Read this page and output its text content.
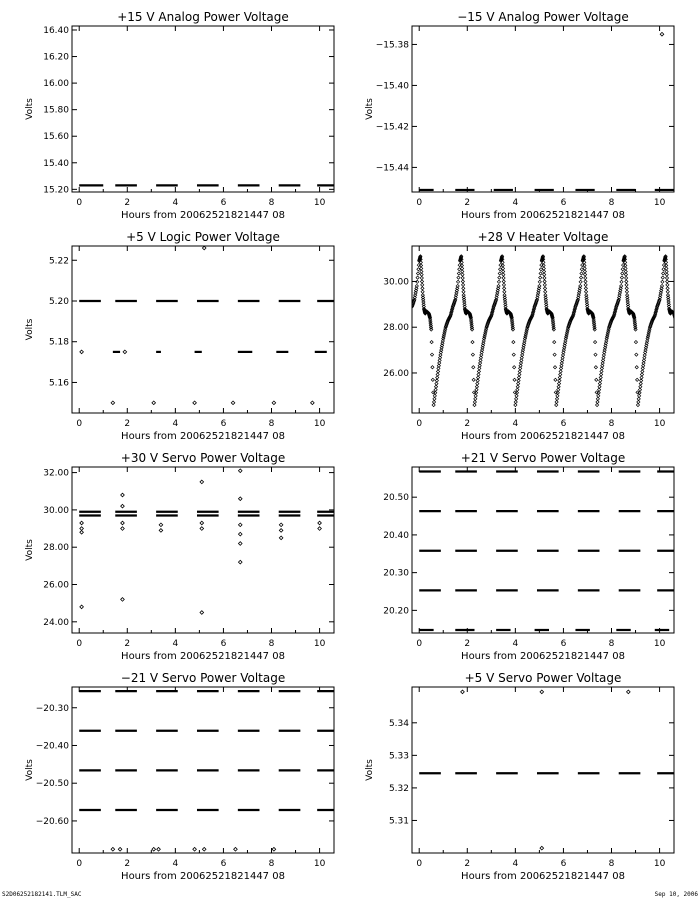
+15 V Analog Power Voltage
0	2	4	6	8	10
15.20
15.40
15.60
15.80
16.00
16.20
16.40
Hours from 20062521821447 08
Volts
−15 V Analog Power Voltage
0	2	4	6	8	10
−15.44
−15.42
−15.40
−15.38
Hours from 20062521821447 08
Volts
+5 V Logic Power Voltage
0	2	4	6	8	10
5.16
5.18
5.20
5.22
Hours from 20062521821447 08
Volts
+28 V Heater Voltage
0	2	4	6	8	10
26.00
28.00
30.00
Hours from 20062521821447 08
+30 V Servo Power Voltage
0	2	4	6	8	10
24.00
26.00
28.00
30.00
32.00
Hours from 20062521821447 08
Volts
+21 V Servo Power Voltage
0	2	4	6	8	10
20.20
20.30
20.40
20.50
Hours from 20062521821447 08
−21 V Servo Power Voltage
0	2	4	6	8	10
−20.60
−20.50
−20.40
−20.30
Hours from 20062521821447 08
Volts
+5 V Servo Power Voltage
0	2	4	6	8	10
5.31
5.32
5.33
5.34
Hours from 20062521821447 08
Volts
S2D06252182141.TLM_SAC	Sep 10, 2006
